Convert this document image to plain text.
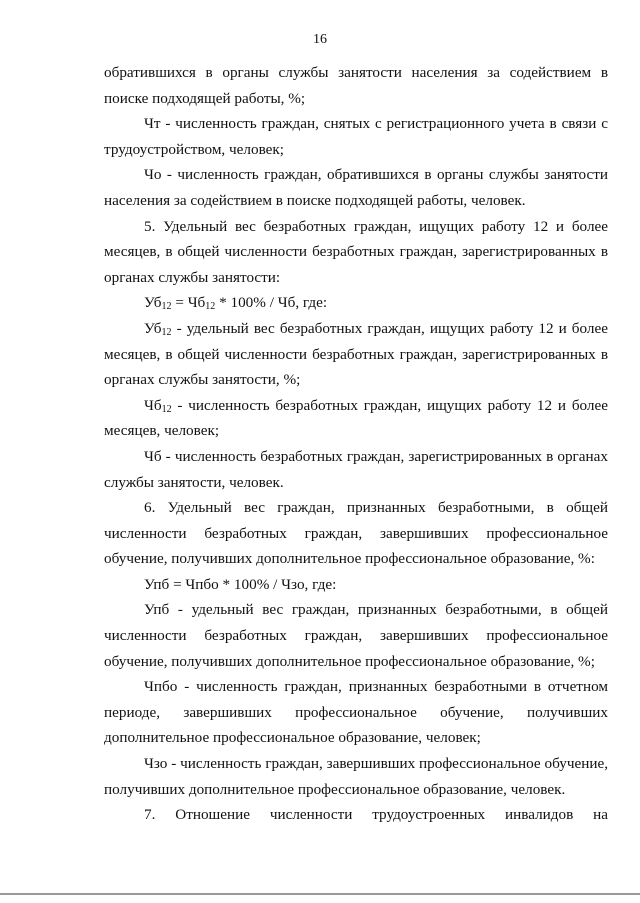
16

обратившихся в органы службы занятости населения за содействием в поиске подходящей работы, %;

Чт - численность граждан, снятых с регистрационного учета в связи с трудоустройством, человек;

Чо - численность граждан, обратившихся в органы службы занятости населения за содействием в поиске подходящей работы, человек.

5. Удельный вес безработных граждан, ищущих работу 12 и более месяцев, в общей численности безработных граждан, зарегистрированных в органах службы занятости:

$Уб_{12} = Чб_{12} * 100\%$ / Чб, где:

$Уб_{12}$ - удельный вес безработных граждан, ищущих работу 12 и более месяцев, в общей численности безработных граждан, зарегистрированных в органах службы занятости, %;

$Чб_{12}$ - численность безработных граждан, ищущих работу 12 и более месяцев, человек;

Чб - численность безработных граждан, зарегистрированных в органах службы занятости, человек.

6. Удельный вес граждан, признанных безработными, в общей численности безработных граждан, завершивших профессиональное обучение, получивших дополнительное профессиональное образование, %:

Упб = Чпбо * 100% / Чзо, где:

Упб - удельный вес граждан, признанных безработными, в общей численности безработных граждан, завершивших профессиональное обучение, получивших дополнительное профессиональное образование, %;

Чпбо - численность граждан, признанных безработными в отчетном периоде, завершивших профессиональное обучение, получивших дополнительное профессиональное образование, человек;

Чзо - численность граждан, завершивших профессиональное обучение, получивших дополнительное профессиональное образование, человек.

7. Отношение численности трудоустроенных инвалидов на
